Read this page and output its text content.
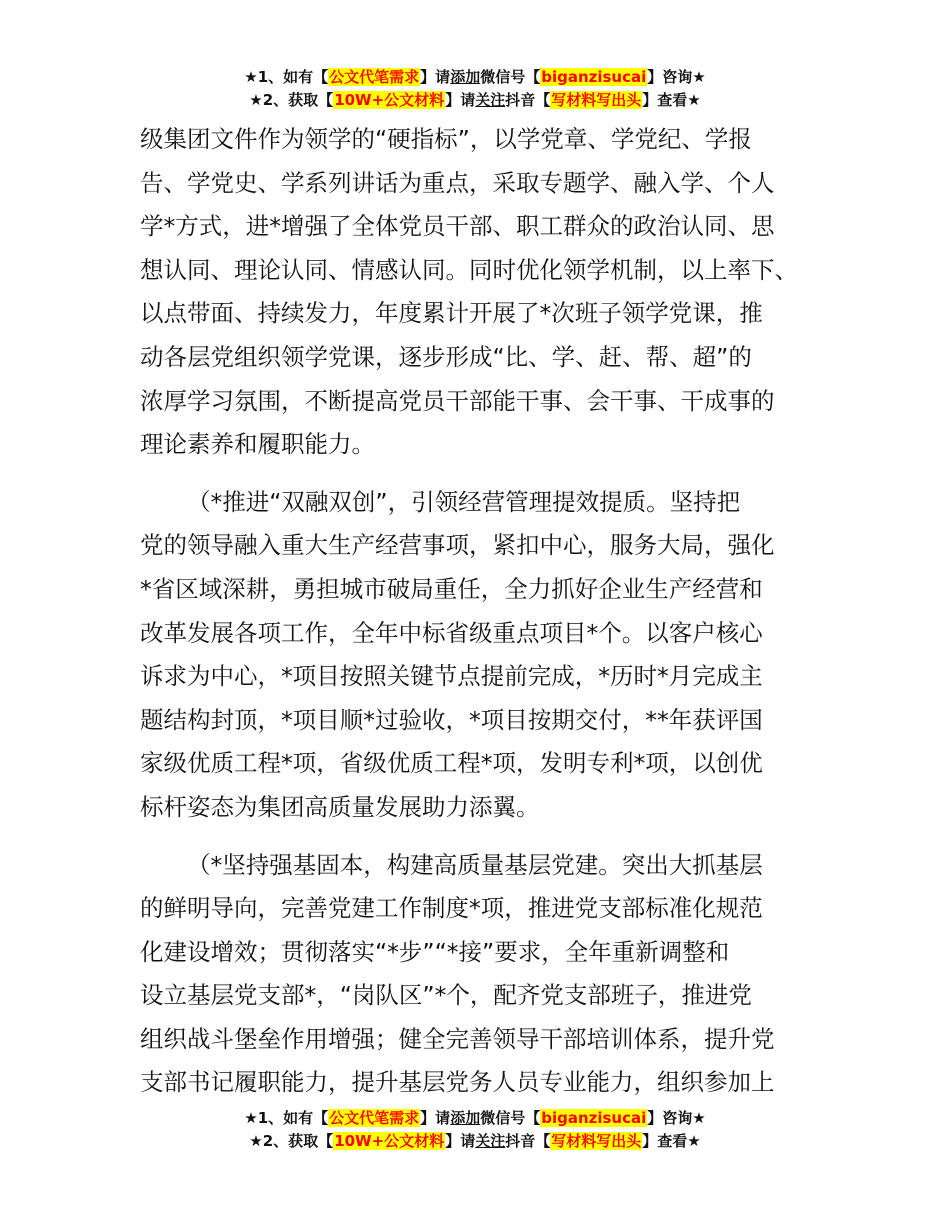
★1、如有【公文代笔需求】请添加微信号【biganzisucai】咨询★
★2、获取【10W+公文材料】请关注抖音【写材料写出头】查看★
级集团文件作为领学的“硬指标”，以学党章、学党纪、学报
告、学党史、学系列讲话为重点，采取专题学、融入学、个人
学*方式，进*增强了全体党员干部、职工群众的政治认同、思
想认同、理论认同、情感认同。同时优化领学机制，以上率下、
以点带面、持续发力，年度累计开展了*次班子领学党课，推
动各层党组织领学党课，逐步形成“比、学、赶、帮、超”的
浓厚学习氛围，不断提高党员干部能干事、会干事、干成事的
理论素养和履职能力。
（*推进“双融双创”，引领经营管理提效提质。坚持把
党的领导融入重大生产经营事项，紧扣中心，服务大局，强化
*省区域深耕，勇担城市破局重任，全力抓好企业生产经营和
改革发展各项工作，全年中标省级重点项目*个。以客户核心
诉求为中心，*项目按照关键节点提前完成，*历时*月完成主
题结构封顶，*项目顺*过验收，*项目按期交付，**年获评国
家级优质工程*项，省级优质工程*项，发明专利*项，以创优
标杆姿态为集团高质量发展助力添翼。
（*坚持强基固本，构建高质量基层党建。突出大抓基层
的鲜明导向，完善党建工作制度*项，推进党支部标准化规范
化建设增效；贯彻落实“*步”“*接”要求，全年重新调整和
设立基层党支部*，“岗队区”*个，配齐党支部班子，推进党
组织战斗堡垒作用增强；健全完善领导干部培训体系，提升党
支部书记履职能力，提升基层党务人员专业能力，组织参加上
★1、如有【公文代笔需求】请添加微信号【biganzisucai】咨询★
★2、获取【10W+公文材料】请关注抖音【写材料写出头】查看★
